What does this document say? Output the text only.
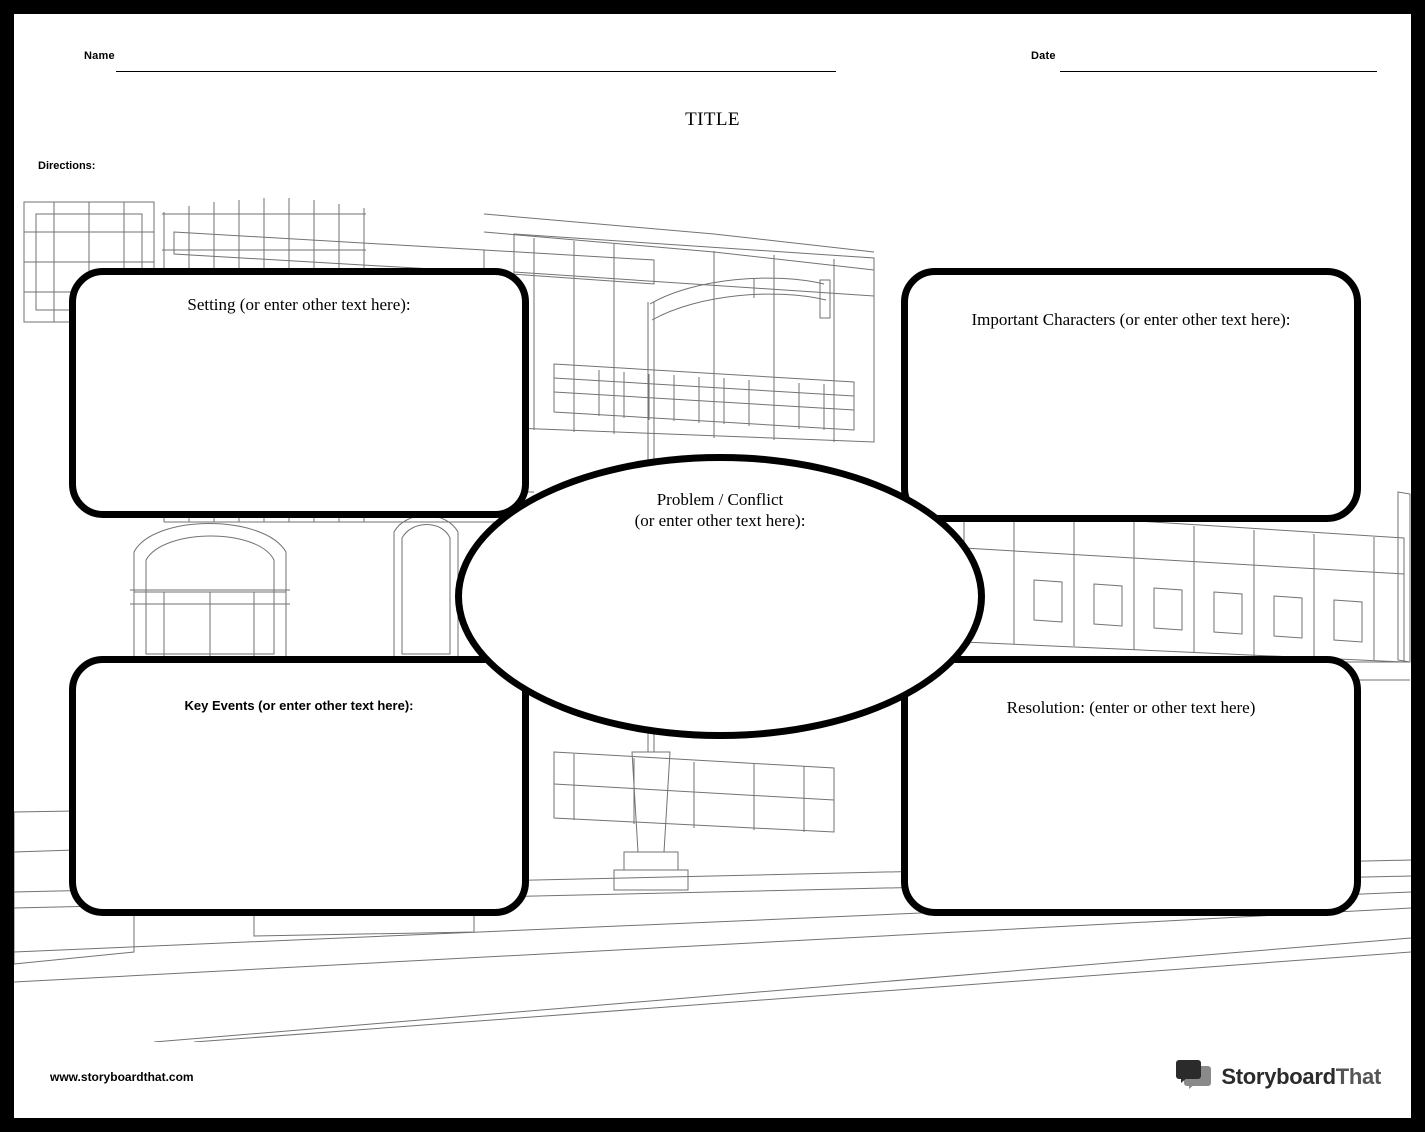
Name	Date
TITLE
Directions:
Setting (or enter other text here):
Important Characters (or enter other text here):
Key Events (or enter other text here):	Resolution: (enter or other text here)
Problem / Conflict
(or enter other text here):
www.storyboardthat.com	StoryboardThat
